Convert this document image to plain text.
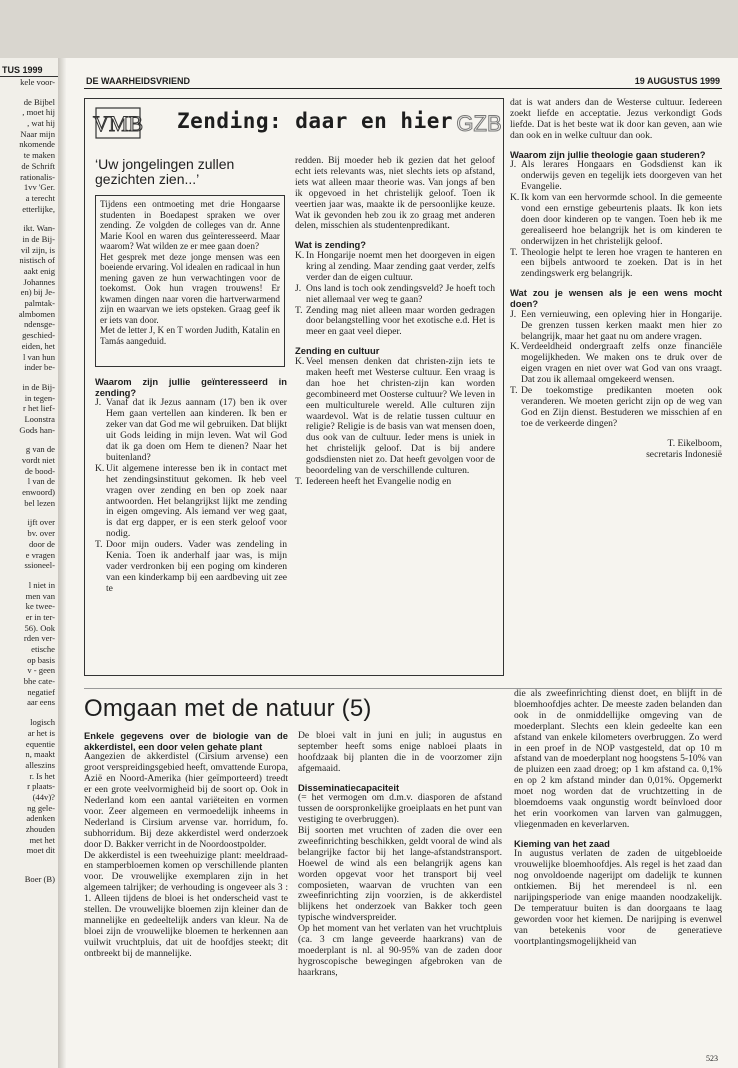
TUS 1999
kele voor-
de Bijbel
, moet hij
, wat hij
Naar mijn
nkomende
te maken
de Schrift
rationalis-
1vv 'Ger.
a terecht
etterlijke,
ikt. Wan-
in de Bij-
vil zijn, is
nistisch of
aakt enig
Johannes
en) bij Je-
palmtak-
almbomen
ndensge-
geschied-
eiden, het
l van hun
inder be-
in de Bij-
in tegen-
r het lief-
Loonstra
Gods han-
g van de
vordt niet
de bood-
l van de
enwoord)
bel lezen
ijft over
bv. over
door de
e vragen
ssioneel-
l niet in
men van
ke twee-
er in ter-
56). Ook
rden ver-
etische
op basis
v - geen
bhe cate-
negatief
aar eens
logisch
ar het is
equentie
n, maakt
alleszins
r. Is het
r plaats-
(44v)?
ng gele-
adenken
zhouden
met het
moet dit
Boer (B)
DE WAARHEIDSVRIEND	19 AUGUSTUS 1999
VMB Zending: daar en hier GZB
‘Uw jongelingen zullen gezichten zien...’

Tijdens een ontmoeting met drie Hongaarse studenten in Boedapest spraken we over zending. Ze volgden de colleges van dr. Anne Marie Kool en waren dus geïnteresseerd. Maar waarom? Wat wilden ze er mee gaan doen?

Het gesprek met deze jonge mensen was een boeiende ervaring. Vol idealen en radicaal in hun mening gaven ze hun verwachtingen voor de toekomst. Ook hun vragen trouwens! Er kwamen dingen naar voren die hartverwarmend zijn en waarvan we iets opsteken. Graag geef ik er iets van door.

Met de letter J, K en T worden Judith, Katalin en Tamás aangeduid.

Waarom zijn jullie geïnteresseerd in zending?

J. Vanaf dat ik Jezus aannam (17) ben ik over Hem gaan vertellen aan kinderen. Ik ben er zeker van dat God me wil gebruiken. Dat blijkt uit Gods leiding in mijn leven. Wat wil God dat ik ga doen om Hem te dienen? Naar het buitenland?
K. Uit algemene interesse ben ik in contact met het zendingsinstituut gekomen. Ik heb veel vragen over zending en ben op zoek naar antwoorden. Het belangrijkst lijkt me zending in eigen omgeving. Als iemand ver weg gaat, is dat erg dapper, er is een sterk geloof voor nodig.
T. Door mijn ouders. Vader was zendeling in Kenia. Toen ik anderhalf jaar was, is mijn vader verdronken bij een poging om kinderen van een kinderkamp bij een aardbeving uit zee te

redden. Bij moeder heb ik gezien dat het geloof echt iets relevants was, niet slechts iets op afstand, iets wat alleen maar theorie was. Van jongs af ben ik opgevoed in het christelijk geloof. Toen ik veertien jaar was, maakte ik de persoonlijke keuze. Wat ik gevonden heb zou ik zo graag met anderen delen, misschien als studentenpredikant.

Wat is zending?

K. In Hongarije noemt men het doorgeven in eigen kring al zending. Maar zending gaat verder, zelfs verder dan de eigen cultuur.
J. Ons land is toch ook zendingsveld? Je hoeft toch niet allemaal ver weg te gaan?
T. Zending mag niet alleen maar worden gedragen door belangstelling voor het exotische e.d. Het is meer en gaat veel dieper.

Zending en cultuur

K. Veel mensen denken dat christen-zijn iets te maken heeft met Westerse cultuur. Een vraag is dan hoe het christen-zijn kan worden gecombineerd met Oosterse cultuur? We leven in een multiculturele wereld. Alle culturen zijn waardevol. Wat is de relatie tussen cultuur en religie? Religie is de basis van wat mensen doen, dus ook van de cultuur. Ieder mens is uniek in het christelijk geloof. Dat is bij andere godsdiensten niet zo. Dat heeft gevolgen voor de beoordeling van de verschillende culturen.
T. Iedereen heeft het Evangelie nodig en

dat is wat anders dan de Westerse cultuur. Iedereen zoekt liefde en acceptatie. Jezus verkondigt Gods liefde. Dat is het beste wat ik door kan geven, aan wie dan ook en in welke cultuur dan ook.

Waarom zijn jullie theologie gaan studeren?

J. Als lerares Hongaars en Godsdienst kan ik onderwijs geven en tegelijk iets doorgeven van het Evangelie.
K. Ik kom van een hervormde school. In die gemeente vond een ernstige gebeurtenis plaats. Ik kon iets doen door kinderen op te vangen. Toen heb ik me gerealiseerd hoe belangrijk het is om kinderen te onderwijzen in het christelijk geloof.
T. Theologie helpt te leren hoe vragen te hanteren en een bijbels antwoord te zoeken. Dat is in het zendingswerk erg belangrijk.

Wat zou je wensen als je een wens mocht doen?

J. Een vernieuwing, een opleving hier in Hongarije. De grenzen tussen kerken maakt men hier zo belangrijk, maar het gaat nu om andere vragen.
K. Verdeeldheid ondergraaft zelfs onze financiële mogelijkheden. We maken ons te druk over de eigen vragen en niet over wat God van ons vraagt. Dat zou ik allemaal omgekeerd wensen.
T. De toekomstige predikanten moeten ook veranderen. We moeten gericht zijn op de weg van God en Zijn dienst. Bestuderen we misschien af en toe de verkeerde dingen?
T. Eikelboom,
secretaris Indonesië
Omgaan met de natuur (5)

Enkele gegevens over de biologie van de akkerdistel, een door velen gehate plant

Aangezien de akkerdistel (Cirsium arvense) een groot verspreidingsgebied heeft, omvattende Europa, Azië en Noord-Amerika (hier geïmporteerd) treedt er een grote veelvormigheid bij de soort op. Ook in Nederland kom een aantal variëteiten en vormen voor. Zeer algemeen en vermoedelijk inheems in Nederland is Cirsium arvense var. horridum, fo. subhorridum. Bij deze akkerdistel werd onderzoek door D. Bakker verricht in de Noordoostpolder.

De akkerdistel is een tweehuizige plant: meeldraad- en stamperbloemen komen op verschillende planten voor. De vrouwelijke exemplaren zijn in het algemeen talrijker; de verhouding is ongeveer als 3 : 1. Alleen tijdens de bloei is het onderscheid vast te stellen. De vrouwelijke bloemen zijn kleiner dan de mannelijke en gedeeltelijk anders van kleur. Na de bloei zijn de vrouwelijke bloemen te herkennen aan vuilwit vruchtpluis, dat uit de hoofdjes steekt; dit ontbreekt bij de mannelijke.

De bloei valt in juni en juli; in augustus en september heeft soms enige nabloei plaats in hoofdzaak bij planten die in de voorzomer zijn afgemaaid.

Disseminatiecapaciteit

(= het vermogen om d.m.v. diasporen de afstand tussen de oorspronkelijke groeiplaats en het punt van vestiging te overbruggen).

Bij soorten met vruchten of zaden die over een zweefinrichting beschikken, geldt vooral de wind als belangrijke factor bij het lange-afstandstransport. Hoewel de wind als een belangrijk agens kan worden opgevat voor het transport bij veel composieten, waarvan de vruchten van een zweefinrichting zijn voorzien, is de akkerdistel blijkens het onderzoek van Bakker toch geen typische windverspreider.

Op het moment van het verlaten van het vruchtpluis (ca. 3 cm lange geveerde haarkrans) van de moederplant is nl. al 90-95% van de zaden door hygroscopische bewegingen afgebroken van de haarkrans,

die als zweefinrichting dienst doet, en blijft in de bloemhoofdjes achter. De meeste zaden belanden dan ook in de onmiddellijke omgeving van de moederplant. Slechts een klein gedeelte kan een afstand van enkele kilometers overbruggen. Zo werd in een proef in de NOP vastgesteld, dat op 10 m afstand van de moederplant nog hoogstens 5-10% van de pluizen een zaad droeg; op 1 km afstand ca. 0,1% en op 2 km afstand minder dan 0,01%. Opgemerkt moet nog worden dat de vruchtzetting in de bloemdoems vaak ongunstig wordt beïnvloed door het erin voorkomen van larven van galmuggen, vliegenmaden en keverlarven.

Kieming van het zaad

In augustus verlaten de zaden de uitgebloeide vrouwelijke bloemhoofdjes. Als regel is het zaad dan nog onvoldoende nagerijpt om dadelijk te kunnen ontkiemen. Bij het merendeel is nl. een narijpingsperiode van enige maanden noodzakelijk. De temperatuur buiten is dan doorgaans te laag geworden voor het kiemen. De narijping is evenwel van betekenis voor de generatieve voortplantingsmogelijkheid van

523
